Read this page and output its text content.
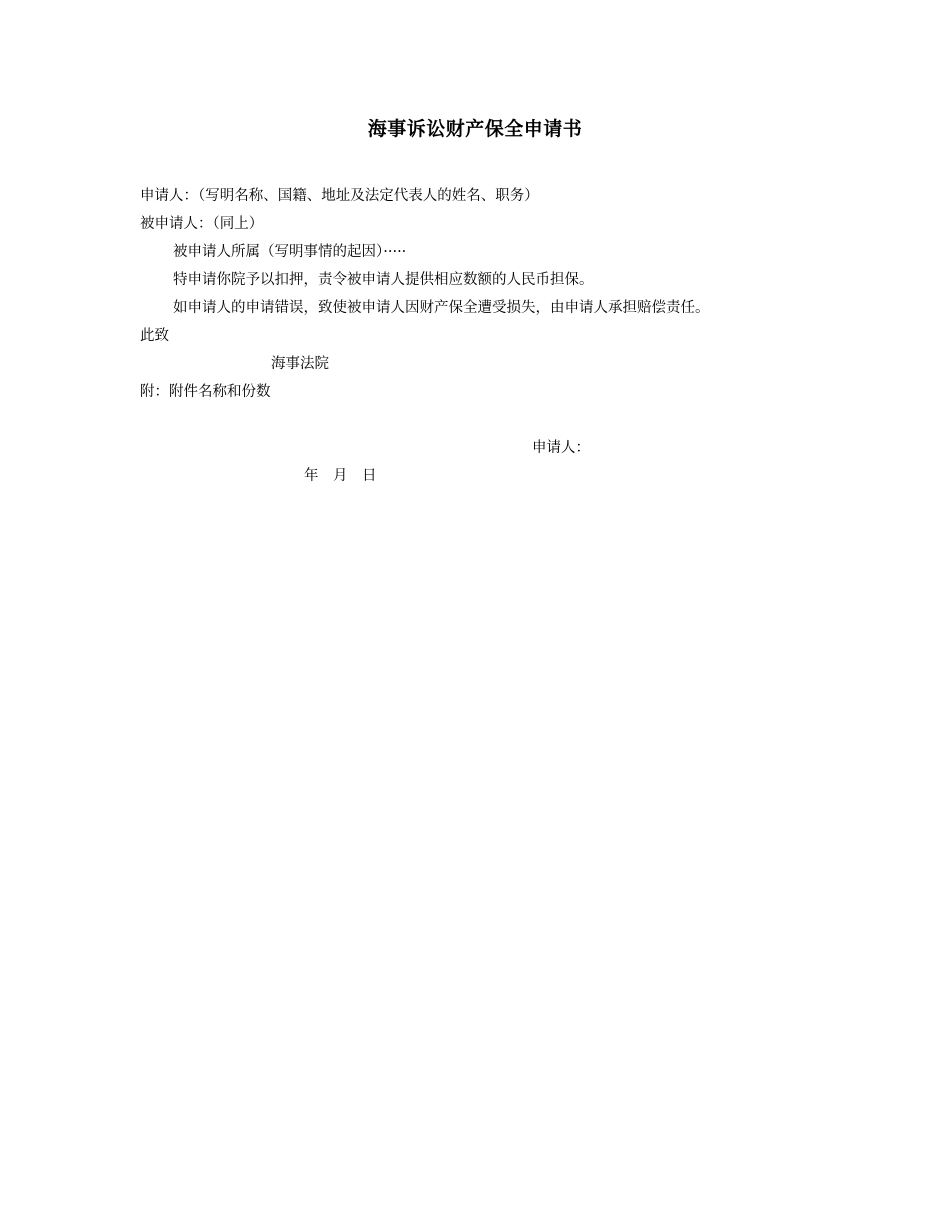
海事诉讼财产保全申请书
申请人：（写明名称、国籍、地址及法定代表人的姓名、职务）
被申请人：（同上）
被申请人所属（写明事情的起因）·····
特申请你院予以扣押，责令被申请人提供相应数额的人民币担保。
如申请人的申请错误，致使被申请人因财产保全遭受损失，由申请人承担赔偿责任。
此致
海事法院
附：附件名称和份数
申请人：
年　月　日
